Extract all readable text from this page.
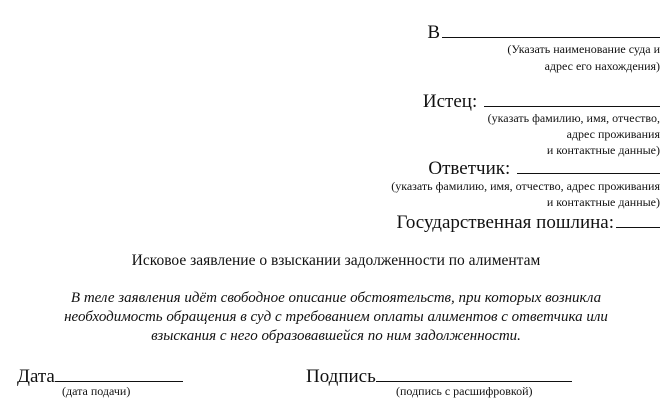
В
(Указать наименование суда и
адрес его нахождения)
Истец:
(указать фамилию, имя, отчество,
адрес проживания
и контактные данные)
Ответчик:
(указать фамилию, имя, отчество, адрес проживания
и контактные данные)
Государственная пошлина:
Исковое заявление о взыскании задолженности по алиментам
В теле заявления идёт свободное описание обстоятельств, при которых возникла
необходимость обращения в суд с требованием оплаты алиментов с ответчика или
взыскания с него образовавшейся по ним задолженности.
Дата
(дата подачи)
Подпись
(подпись с расшифровкой)
